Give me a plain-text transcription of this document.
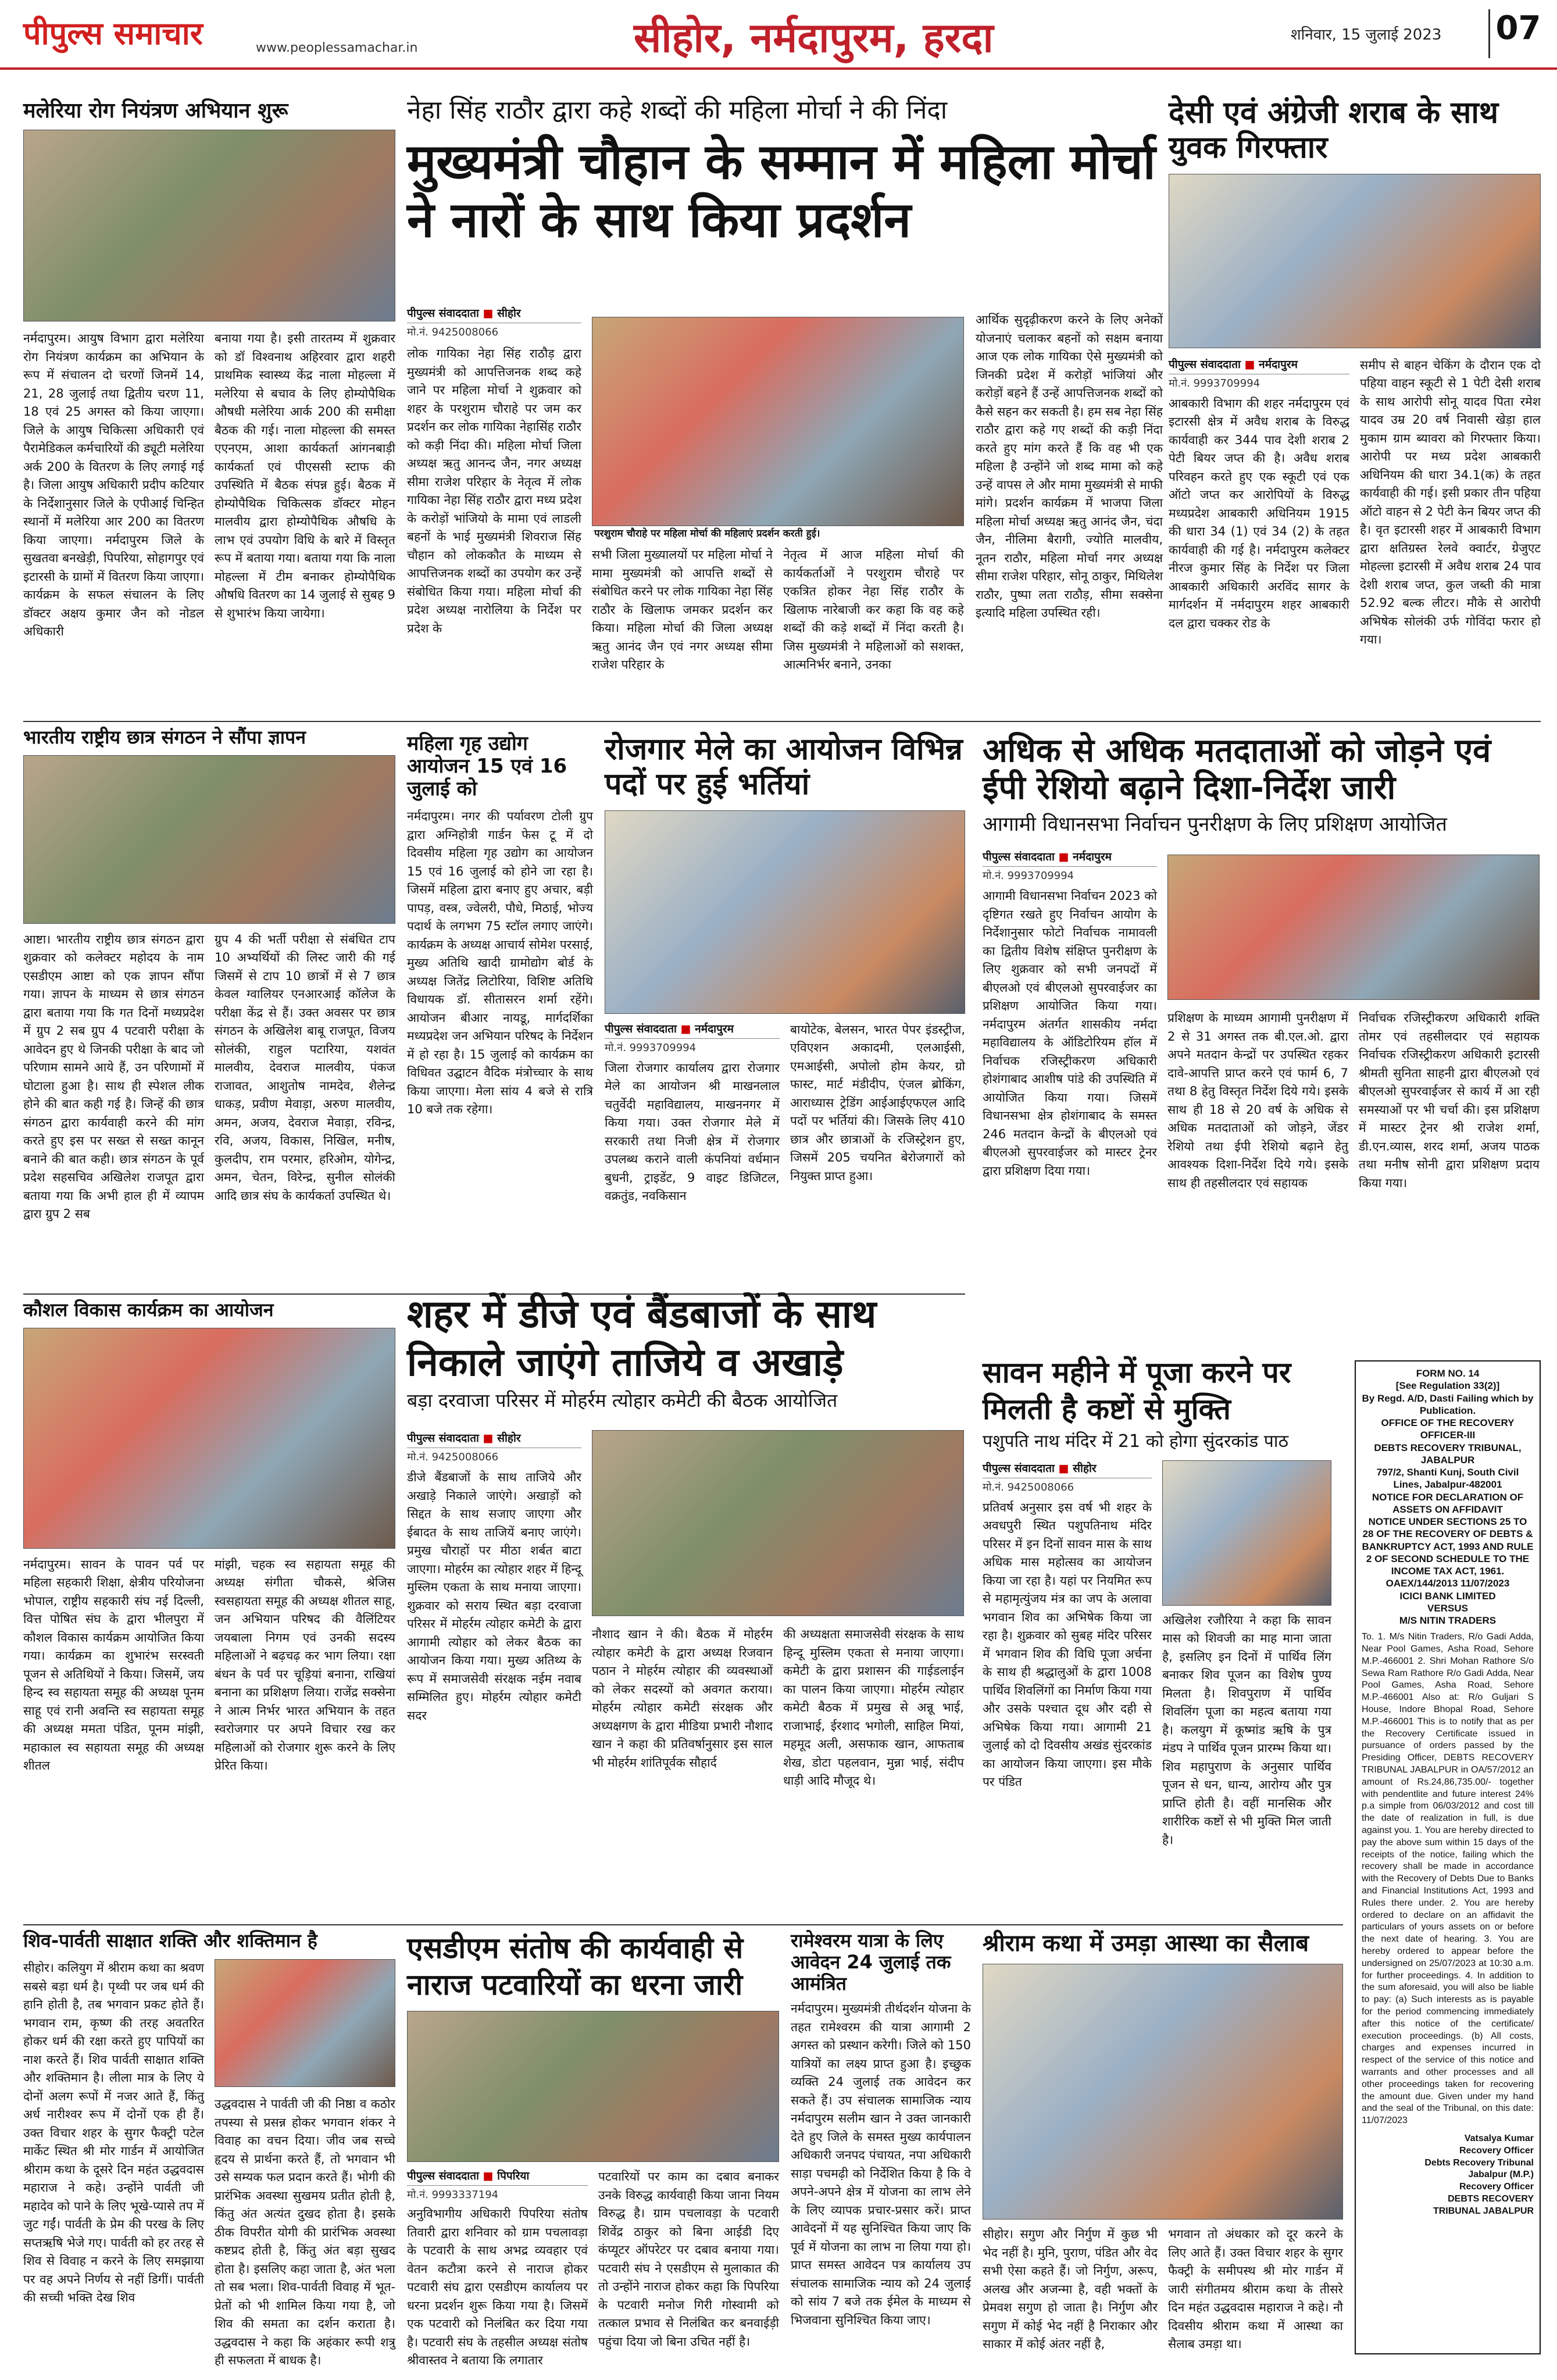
पीपुल्स समाचार	www.peoplessamachar.in	सीहोर, नर्मदापुरम, हरदा	शनिवार, 15 जुलाई 2023 07
मलेरिया रोग नियंत्रण अभियान शुरू
नर्मदापुरम। आयुष विभाग द्वारा मलेरिया रोग नियंत्रण कार्यक्रम का अभियान के रूप में संचालन दो चरणों जिनमें 14, 21, 28 जुलाई तथा द्वितीय चरण 11, 18 एवं 25 अगस्त को किया जाएगा। जिले के आयुष चिकित्सा अधिकारी एवं पैरामेडिकल कर्मचारियों की ड्यूटी मलेरिया अर्क 200 के वितरण के लिए लगाई गई है। जिला आयुष अधिकारी प्रदीप कटियार के निर्देशानुसार जिले के एपीआई चिन्हित स्थानों में मलेरिया आर 200 का वितरण किया जाएगा। नर्मदापुरम जिले के सुखतवा बनखेड़ी, पिपरिया, सोहागपुर एवं इटारसी के ग्रामों में वितरण किया जाएगा। कार्यक्रम के सफल संचालन के लिए डॉक्टर अक्षय कुमार जैन को नोडल अधिकारी
बनाया गया है। इसी तारतम्य में शुक्रवार को डॉ विश्वनाथ अहिरवार द्वारा शहरी प्राथमिक स्वास्थ्य केंद्र नाला मोहल्ला में मलेरिया से बचाव के लिए होम्योपैथिक औषधी मलेरिया आर्क 200 की समीक्षा बैठक की गई। नाला मोहल्ला की समस्त एएनएम, आशा कार्यकर्ता आंगनबाड़ी कार्यकर्ता एवं पीएससी स्टाफ की उपस्थिति में बैठक संपन्न हुई। बैठक में होम्योपैथिक चिकित्सक डॉक्टर मोहन मालवीय द्वारा होम्योपैथिक औषधि के लाभ एवं उपयोग विधि के बारे में विस्तृत रूप में बताया गया। बताया गया कि नाला मोहल्ला में टीम बनाकर होम्योपैथिक औषधि वितरण का 14 जुलाई से सुबह 9 से शुभारंभ किया जायेगा।
नेहा सिंह राठौर द्वारा कहे शब्दों की महिला मोर्चा ने की निंदा
मुख्यमंत्री चौहान के सम्मान में महिला मोर्चा ने नारों के साथ किया प्रदर्शन
पीपुल्स संवाददाता ■ सीहोर
मो.नं. 9425008066
लोक गायिका नेहा सिंह राठौड़ द्वारा मुख्यमंत्री को आपत्तिजनक शब्द कहे जाने पर महिला मोर्चा ने शुक्रवार को शहर के परशुराम चौराहे पर जम कर प्रदर्शन कर लोक गायिका नेहासिंह राठौर को कड़ी निंदा की। महिला मोर्चा जिला अध्यक्ष ऋतु आनन्द जैन, नगर अध्यक्ष सीमा राजेश परिहार के नेतृत्व में लोक गायिका नेहा सिंह राठौर द्वारा मध्य प्रदेश के करोड़ों भांजियो के मामा एवं लाडली बहनों के भाई मुख्यमंत्री शिवराज सिंह चौहान को लोककौत के माध्यम से आपत्तिजनक शब्दों का उपयोग कर उन्हें संबोधित किया गया। महिला मोर्चा की प्रदेश अध्यक्ष नारोलिया के निर्देश पर प्रदेश के
परशुराम चौराहे पर महिला मोर्चा की महिलाएं प्रदर्शन करती हुई।
सभी जिला मुख्यालयों पर महिला मोर्चा ने मामा मुख्यमंत्री को आपत्ति शब्दों से संबोधित करने पर लोक गायिका नेहा सिंह राठौर के खिलाफ जमकर प्रदर्शन कर किया। महिला मोर्चा की जिला अध्यक्ष ऋतु आनंद जैन एवं नगर अध्यक्ष सीमा राजेश परिहार के
नेतृत्व में आज महिला मोर्चा की कार्यकर्ताओं ने परशुराम चौराहे पर एकत्रित होकर नेहा सिंह राठौर के खिलाफ नारेबाजी कर कहा कि वह कहे शब्दों की कड़े शब्दों में निंदा करती है। जिस मुख्यमंत्री ने महिलाओं को सशक्त, आत्मनिर्भर बनाने, उनका
आर्थिक सुदृढ़ीकरण करने के लिए अनेकों योजनाएं चलाकर बहनों को सक्षम बनाया आज एक लोक गायिका ऐसे मुख्यमंत्री को जिनकी प्रदेश में करोड़ों भांजियां और करोड़ों बहने हैं उन्हें आपत्तिजनक शब्दों को कैसे सहन कर सकती है। हम सब नेहा सिंह राठौर द्वारा कहे गए शब्दों की कड़ी निंदा करते हुए मांग करते हैं कि वह भी एक महिला है उन्होंने जो शब्द मामा को कहे उन्हें वापस ले और मामा मुख्यमंत्री से माफी मांगे। प्रदर्शन कार्यक्रम में भाजपा जिला महिला मोर्चा अध्यक्ष ऋतु आनंद जैन, चंदा जैन, नीलिमा बैरागी, ज्योति मालवीय, नूतन राठौर, महिला मोर्चा नगर अध्यक्ष सीमा राजेश परिहार, सोनू ठाकुर, मिथिलेश राठौर, पुष्पा लता राठौड़, सीमा सक्सेना इत्यादि महिला उपस्थित रही।
देसी एवं अंग्रेजी शराब के साथ युवक गिरफ्तार
पीपुल्स संवाददाता ■ नर्मदापुरम
मो.नं. 9993709994
आबकारी विभाग की शहर नर्मदापुरम एवं इटारसी क्षेत्र में अवैध शराब के विरुद्ध कार्यवाही कर 344 पाव देशी शराब 2 पेटी बियर जप्त की है। अवैध शराब परिवहन करते हुए एक स्कूटी एवं एक ऑटो जप्त कर आरोपियों के विरुद्ध मध्यप्रदेश आबकारी अधिनियम 1915 की धारा 34 (1) एवं 34 (2) के तहत कार्यवाही की गई है। नर्मदापुरम कलेक्टर नीरज कुमार सिंह के निर्देश पर जिला आबकारी अधिकारी अरविंद सागर के मार्गदर्शन में नर्मदापुरम शहर आबकारी दल द्वारा चक्कर रोड के
समीप से बाहन चेकिंग के दौरान एक दो पहिया वाहन स्कूटी से 1 पेटी देसी शराब के साथ आरोपी सोनू यादव पिता रमेश यादव उम्र 20 वर्ष निवासी खेड़ा हाल मुकाम ग्राम ब्यावरा को गिरफ्तार किया। आरोपी पर मध्य प्रदेश आबकारी अधिनियम की धारा 34.1(क) के तहत कार्यवाही की गई। इसी प्रकार तीन पहिया ऑटो वाहन से 2 पेटी केन बियर जप्त की है। वृत इटारसी शहर में आबकारी विभाग द्वारा क्षतिग्रस्त रेलवे क्वार्टर, ग्रेजुएट मोहल्ला इटारसी में अवैध शराब 24 पाव देशी शराब जप्त, कुल जब्ती की मात्रा 52.92 बल्क लीटर। मौके से आरोपी अभिषेक सोलंकी उर्फ गोविंदा फरार हो गया।
भारतीय राष्ट्रीय छात्र संगठन ने सौंपा ज्ञापन
आष्टा। भारतीय राष्ट्रीय छात्र संगठन द्वारा शुक्रवार को कलेक्टर महोदय के नाम एसडीएम आष्टा को एक ज्ञापन सौंपा गया। ज्ञापन के माध्यम से छात्र संगठन द्वारा बताया गया कि गत दिनों मध्यप्रदेश में ग्रुप 2 सब ग्रुप 4 पटवारी परीक्षा के आवेदन हुए थे जिनकी परीक्षा के बाद जो परिणाम सामने आये हैं, उन परिणामों में घोटाला हुआ है। साथ ही स्पेशल लीक होने की बात कही गई है। जिन्हें की छात्र संगठन द्वारा कार्यवाही करने की मांग करते हुए इस पर सख्त से सख्त कानून बनाने की बात कही। छात्र संगठन के पूर्व प्रदेश सहसचिव अखिलेश राजपूत द्वारा बताया गया कि अभी हाल ही में व्यापम द्वारा ग्रुप 2 सब
ग्रुप 4 की भर्ती परीक्षा से संबंधित टाप 10 अभ्यर्थियों की लिस्ट जारी की गई जिसमें से टाप 10 छात्रों में से 7 छात्र केवल ग्वालियर एनआरआई कॉलेज के परीक्षा केंद्र से हैं। उक्त अवसर पर छात्र संगठन के अखिलेश बाबू राजपूत, विजय सोलंकी, राहुल पटारिया, यशवंत मालवीय, देवराज मालवीय, पंकज राजावत, आशुतोष नामदेव, शैलेन्द्र धाकड़, प्रवीण मेवाड़ा, अरुण मालवीय, अमन, अजय, देवराज मेवाड़ा, रविन्द्र, रवि, अजय, विकास, निखिल, मनीष, कुलदीप, राम परमार, हरिओम, योगेन्द्र, अमन, चेतन, विरेन्द्र, सुनील सोलंकी आदि छात्र संघ के कार्यकर्ता उपस्थित थे।
महिला गृह उद्योग आयोजन 15 एवं 16 जुलाई को
नर्मदापुरम। नगर की पर्यावरण टोली ग्रुप द्वारा अग्निहोत्री गार्डन फेस टू में दो दिवसीय महिला गृह उद्योग का आयोजन 15 एवं 16 जुलाई को होने जा रहा है। जिसमें महिला द्वारा बनाए हुए अचार, बड़ी पापड़, वस्त्र, ज्वेलरी, पौधे, मिठाई, भोज्य पदार्थ के लगभग 75 स्टॉल लगाए जाएंगे। कार्यक्रम के अध्यक्ष आचार्य सोमेश परसाई, मुख्य अतिथि खादी ग्रामोद्योग बोर्ड के अध्यक्ष जितेंद्र लिटोरिया, विशिष्ट अतिथि विधायक डॉ. सीतासरन शर्मा रहेंगे। आयोजन बीआर नायडू, मार्गदर्शिका मध्यप्रदेश जन अभियान परिषद के निर्देशन में हो रहा है। 15 जुलाई को कार्यक्रम का विधिवत उद्घाटन वैदिक मंत्रोच्चार के साथ किया जाएगा। मेला सांय 4 बजे से रात्रि 10 बजे तक रहेगा।
रोजगार मेले का आयोजन विभिन्न पदों पर हुई भर्तियां
पीपुल्स संवाददाता ■ नर्मदापुरम
मो.नं. 9993709994
जिला रोजगार कार्यालय द्वारा रोजगार मेले का आयोजन श्री माखनलाल चतुर्वेदी महाविद्यालय, माखननगर में किया गया। उक्त रोजगार मेले में सरकारी तथा निजी क्षेत्र में रोजगार उपलब्ध कराने वाली कंपनियां वर्धमान बुधनी, ट्राइडेंट, 9 वाइट डिजिटल, वक्रतुंड, नवकिसान
बायोटेक, बेलसन, भारत पेपर इंडस्ट्रीज, एविएशन अकादमी, एलआईसी, एमआईसी, अपोलो होम केयर, ग्रो फास्ट, मार्ट मंडीदीप, एंजल ब्रोकिंग, आराध्यास ट्रेडिंग आईआईएफएल आदि पदों पर भर्तियां की। जिसके लिए 410 छात्र और छात्राओं के रजिस्ट्रेशन हुए, जिसमें 205 चयनित बेरोजगारों को नियुक्त प्राप्त हुआ।
अधिक से अधिक मतदाताओं को जोड़ने एवं ईपी रेशियो बढ़ाने दिशा-निर्देश जारी
आगामी विधानसभा निर्वाचन पुनरीक्षण के लिए प्रशिक्षण आयोजित
पीपुल्स संवाददाता ■ नर्मदापुरम
मो.नं. 9993709994
आगामी विधानसभा निर्वाचन 2023 को दृष्टिगत रखते हुए निर्वाचन आयोग के निर्देशानुसार फोटो निर्वाचक नामावली का द्वितीय विशेष संक्षिप्त पुनरीक्षण के लिए शुक्रवार को सभी जनपदों में बीएलओ एवं बीएलओ सुपरवाईजर का प्रशिक्षण आयोजित किया गया। नर्मदापुरम अंतर्गत शासकीय नर्मदा महाविद्यालय के ऑडिटोरियम हॉल में निर्वाचक रजिस्ट्रीकरण अधिकारी होशंगाबाद आशीष पांडे की उपस्थिति में आयोजित किया गया। जिसमें विधानसभा क्षेत्र होशंगाबाद के समस्त 246 मतदान केन्द्रों के बीएलओ एवं बीएलओ सुपरवाईजर को मास्टर ट्रेनर द्वारा प्रशिक्षण दिया गया।
प्रशिक्षण के माध्यम आगामी पुनरीक्षण में 2 से 31 अगस्त तक बी.एल.ओ. द्वारा अपने मतदान केन्द्रों पर उपस्थित रहकर दावे-आपत्ति प्राप्त करने एवं फार्म 6, 7 तथा 8 हेतु विस्तृत निर्देश दिये गये। इसके साथ ही 18 से 20 वर्ष के अधिक से अधिक मतदाताओं को जोड़ने, जेंडर रेशियो तथा ईपी रेशियो बढ़ाने हेतु आवश्यक दिशा-निर्देश दिये गये। इसके साथ ही तहसीलदार एवं सहायक
निर्वाचक रजिस्ट्रीकरण अधिकारी शक्ति तोमर एवं तहसीलदार एवं सहायक निर्वाचक रजिस्ट्रीकरण अधिकारी इटारसी श्रीमती सुनिता साहनी द्वारा बीएलओ एवं बीएलओ सुपरवाईजर से कार्य में आ रही समस्याओं पर भी चर्चा की। इस प्रशिक्षण में मास्टर ट्रेनर श्री राजेश शर्मा, डी.एन.व्यास, शरद शर्मा, अजय पाठक तथा मनीष सोनी द्वारा प्रशिक्षण प्रदाय किया गया।
कौशल विकास कार्यक्रम का आयोजन
नर्मदापुरम। सावन के पावन पर्व पर महिला सहकारी शिक्षा, क्षेत्रीय परियोजना भोपाल, राष्ट्रीय सहकारी संघ नई दिल्ली, वित्त पोषित संघ के द्वारा भीलपुरा में कौशल विकास कार्यक्रम आयोजित किया गया। कार्यक्रम का शुभारंभ सरस्वती पूजन से अतिथियों ने किया। जिसमें, जय हिन्द स्व सहायता समूह की अध्यक्ष पूनम साहू एवं रानी अवन्ति स्व सहायता समूह की अध्यक्ष ममता पंडित, पूनम मांझी, महाकाल स्व सहायता समूह की अध्यक्ष शीतल
मांझी, चहक स्व सहायता समूह की अध्यक्ष संगीता चौकसे, श्रेजिस स्वसहायता समूह की अध्यक्ष शीतल साहू, जन अभियान परिषद की वैलिंटियर जयबाला निगम एवं उनकी सदस्य महिलाओं ने बढ़चढ़ कर भाग लिया। रक्षा बंधन के पर्व पर चूड़ियां बनाना, राखियां बनाना का प्रशिक्षण लिया। राजेंद्र सक्सेना ने आत्म निर्भर भारत अभियान के तहत स्वरोजगार पर अपने विचार रख कर महिलाओं को रोजगार शुरू करने के लिए प्रेरित किया।
शहर में डीजे एवं बैंडबाजों के साथ निकाले जाएंगे ताजिये व अखाड़े
बड़ा दरवाजा परिसर में मोहर्रम त्योहार कमेटी की बैठक आयोजित
पीपुल्स संवाददाता ■ सीहोर
मो.नं. 9425008066
डीजे बैंडबाजों के साथ ताजिये और अखाड़े निकाले जाएंगे। अखाड़ों को सिद्दत के साथ सजाए जाएगा और ईबादत के साथ ताजियें बनाए जाएंगे। प्रमुख चौराहों पर मीठा शर्बत बाटा जाएगा। मोहर्रम का त्योहार शहर में हिन्दू मुस्लिम एकता के साथ मनाया जाएगा। शुक्रवार को सराय स्थित बड़ा दरवाजा परिसर में मोहर्रम त्योहार कमेटी के द्वारा आगामी त्योहार को लेकर बैठक का आयोजन किया गया। मुख्य अतिथ्य के रूप में समाजसेवी संरक्षक नईम नवाब सम्मिलित हुए। मोहर्रम त्योहार कमेटी सदर
नौशाद खान ने की। बैठक में मोहर्रम त्योहार कमेटी के द्वारा अध्यक्ष रिजवान पठान ने मोहर्रम त्योहार की व्यवस्थाओं को लेकर सदस्यों को अवगत कराया। मोहर्रम त्योहार कमेटी संरक्षक और अध्यक्षगण के द्वारा मीडिया प्रभारी नौशाद खान ने कहा की प्रतिवर्षानुसार इस साल भी मोहर्रम शांतिपूर्वक सौहार्द
की अध्यक्षता समाजसेवी संरक्षक के साथ हिन्दू मुस्लिम एकता से मनाया जाएगा। कमेटी के द्वारा प्रशासन की गाईडलाईन का पालन किया जाएगा। मोहर्रम त्योहार कमेटी बैठक में प्रमुख से अन्नू भाई, राजाभाई, ईरशाद भगोली, साहिल मियां, महमूद अली, असफाक खान, आफताब शेख, डोटा पहलवान, मुन्ना भाई, संदीप धाड़ी आदि मौजूद थे।
सावन महीने में पूजा करने पर मिलती है कष्टों से मुक्ति
पशुपति नाथ मंदिर में 21 को होगा सुंदरकांड पाठ
पीपुल्स संवाददाता ■ सीहोर
मो.नं. 9425008066
प्रतिवर्ष अनुसार इस वर्ष भी शहर के अवधपुरी स्थित पशुपतिनाथ मंदिर परिसर में इन दिनों सावन मास के साथ अधिक मास महोत्सव का आयोजन किया जा रहा है। यहां पर नियमित रूप से महामृत्युंजय मंत्र का जप के अलावा भगवान शिव का अभिषेक किया जा रहा है। शुक्रवार को सुबह मंदिर परिसर में भगवान शिव की विधि पूजा अर्चना के साथ ही श्रद्धालुओं के द्वारा 1008 पार्थिव शिवलिंगों का निर्माण किया गया और उसके पश्चात दूध और दही से अभिषेक किया गया। आगामी 21 जुलाई को दो दिवसीय अखंड सुंदरकांड का आयोजन किया जाएगा। इस मौके पर पंडित
अखिलेश रजौरिया ने कहा कि सावन मास को शिवजी का माह माना जाता है, इसलिए इन दिनों में पार्थिव लिंग बनाकर शिव पूजन का विशेष पुण्य मिलता है। शिवपुराण में पार्थिव शिवलिंग पूजा का महत्व बताया गया है। कलयुग में कूष्मांड ऋषि के पुत्र मंडप ने पार्थिव पूजन प्रारम्भ किया था। शिव महापुराण के अनुसार पार्थिव पूजन से धन, धान्य, आरोग्य और पुत्र प्राप्ति होती है। वहीं मानसिक और शारीरिक कष्टों से भी मुक्ति मिल जाती है।
FORM NO. 14
[See Regulation 33(2)]
By Regd. A/D, Dasti Failing which by Publication.
OFFICE OF THE RECOVERY OFFICER-III
DEBTS RECOVERY TRIBUNAL, JABALPUR
797/2, Shanti Kunj, South Civil Lines, Jabalpur-482001
NOTICE FOR DECLARATION OF ASSETS ON AFFIDAVIT
NOTICE UNDER SECTIONS 25 TO 28 OF THE RECOVERY OF DEBTS & BANKRUPTCY ACT, 1993 AND RULE 2 OF SECOND SCHEDULE TO THE INCOME TAX ACT, 1961.
OAEX/144/2013 11/07/2023
ICICI BANK LIMITED
VERSUS
M/S NITIN TRADERS
To. 1. M/s Nitin Traders, R/o Gadi Adda, Near Pool Games, Asha Road, Sehore M.P.-466001 2. Shri Mohan Rathore S/o Sewa Ram Rathore R/o Gadi Adda, Near Pool Games, Asha Road, Sehore M.P.-466001 Also at: R/o Guljari S House, Indore Bhopal Road, Sehore M.P.-466001 This is to notify that as per the Recovery Certificate issued in pursuance of orders passed by the Presiding Officer, DEBTS RECOVERY TRIBUNAL JABALPUR in OA/57/2012 an amount of Rs.24,86,735.00/- together with pendentlite and future interest 24% p.a simple from 06/03/2012 and cost till the date of realization in full, is due against you. 1. You are hereby directed to pay the above sum within 15 days of the receipts of the notice, failing which the recovery shall be made in accordance with the Recovery of Debts Due to Banks and Financial Institutions Act, 1993 and Rules there under. 2. You are hereby ordered to declare on an affidavit the particulars of yours assets on or before the next date of hearing. 3. You are hereby ordered to appear before the undersigned on 25/07/2023 at 10:30 a.m. for further proceedings. 4. In addition to the sum aforesaid, you will also be liable to pay: (a) Such interests as is payable for the period commencing immediately after this notice of the certificate/ execution proceedings. (b) All costs, charges and expenses incurred in respect of the service of this notice and warrants and other processes and all other proceedings taken for recovering the amount due. Given under my hand and the seal of the Tribunal, on this date: 11/07/2023
Vatsalya Kumar
Recovery Officer
Debts Recovery Tribunal
Jabalpur (M.P.)
Recovery Officer
DEBTS RECOVERY
TRIBUNAL JABALPUR
शिव-पार्वती साक्षात शक्ति और शक्तिमान है
सीहोर। कलियुग में श्रीराम कथा का श्रवण सबसे बड़ा धर्म है। पृथ्वी पर जब धर्म की हानि होती है, तब भगवान प्रकट होते हैं। भगवान राम, कृष्ण की तरह अवतरित होकर धर्म की रक्षा करते हुए पापियों का नाश करते हैं। शिव पार्वती साक्षात शक्ति और शक्तिमान है। लीला मात्र के लिए ये दोनों अलग रूपों में नजर आते हैं, किंतु अर्ध नारीश्वर रूप में दोनों एक ही हैं। उक्त विचार शहर के सुगर फैक्ट्री पटेल मार्केट स्थित श्री मोर गार्डन में आयोजित श्रीराम कथा के दूसरे दिन महंत उद्धवदास महाराज ने कहे। उन्होंने पार्वती जी महादेव को पाने के लिए भूखे-प्यासे तप में जुट गईं। पार्वती के प्रेम की परख के लिए सप्तऋषि भेजे गए। पार्वती को हर तरह से शिव से विवाह न करने के लिए समझाया पर वह अपने निर्णय से नहीं डिगीं। पार्वती की सच्ची भक्ति देख शिव
उद्धवदास ने पार्वती जी की निष्ठा व कठोर तपस्या से प्रसन्न होकर भगवान शंकर ने विवाह का वचन दिया। जीव जब सच्चे हृदय से प्रार्थना करते हैं, तो भगवान भी उसे सम्यक फल प्रदान करते हैं। भोगी की प्रारंभिक अवस्था सुखमय प्रतीत होती है, किंतु अंत अत्यंत दुखद होता है। इसके ठीक विपरीत योगी की प्रारंभिक अवस्था कष्टप्रद होती है, किंतु अंत बड़ा सुखद होता है। इसलिए कहा जाता है, अंत भला तो सब भला। शिव-पार्वती विवाह में भूत-प्रेतों को भी शामिल किया गया है, जो शिव की समता का दर्शन कराता है। उद्धवदास ने कहा कि अहंकार रूपी शत्रु ही सफलता में बाधक है।
एसडीएम संतोष की कार्यवाही से नाराज पटवारियों का धरना जारी
पीपुल्स संवाददाता ■ पिपरिया
मो.नं. 9993337194
अनुविभागीय अधिकारी पिपरिया संतोष तिवारी द्वारा शनिवार को ग्राम पचलावड़ा के पटवारी के साथ अभद्र व्यवहार एवं वेतन कटौत्रा करने से नाराज होकर पटवारी संघ द्वारा एसडीएम कार्यालय पर धरना प्रदर्शन शुरू किया गया है। जिसमें एक पटवारी को निलंबित कर दिया गया है। पटवारी संघ के तहसील अध्यक्ष संतोष श्रीवास्तव ने बताया कि लगातार
पटवारियों पर काम का दबाव बनाकर उनके विरुद्ध कार्यवाही किया जाना नियम विरुद्ध है। ग्राम पचलावड़ा के पटवारी शिवेंद्र ठाकुर को बिना आईडी दिए कंप्यूटर ऑपरेटर पर दबाव बनाया गया। पटवारी संघ ने एसडीएम से मुलाकात की तो उन्होंने नाराज होकर कहा कि पिपरिया के पटवारी मनोज गिरी गोस्वामी को तत्काल प्रभाव से निलंबित कर बनवाईड़ी पहुंचा दिया जो बिना उचित नहीं है।
रामेश्वरम यात्रा के लिए आवेदन 24 जुलाई तक आमंत्रित
नर्मदापुरम। मुख्यमंत्री तीर्थदर्शन योजना के तहत रामेश्वरम की यात्रा आगामी 2 अगस्त को प्रस्थान करेगी। जिले को 150 यात्रियों का लक्ष्य प्राप्त हुआ है। इच्छुक व्यक्ति 24 जुलाई तक आवेदन कर सकते हैं। उप संचालक सामाजिक न्याय नर्मदापुरम सलीम खान ने उक्त जानकारी देते हुए जिले के समस्त मुख्य कार्यपालन अधिकारी जनपद पंचायत, नपा अधिकारी साड़ा पचमढ़ी को निर्देशित किया है कि वे अपने-अपने क्षेत्र में योजना का लाभ लेने के लिए व्यापक प्रचार-प्रसार करें। प्राप्त आवेदनों में यह सुनिश्चित किया जाए कि पूर्व में योजना का लाभ ना लिया गया हो। प्राप्त समस्त आवेदन पत्र कार्यालय उप संचालक सामाजिक न्याय को 24 जुलाई को सांय 7 बजे तक ईमेल के माध्यम से भिजवाना सुनिश्चित किया जाए।
श्रीराम कथा में उमड़ा आस्था का सैलाब
सीहोर। सगुण और निर्गुण में कुछ भी भेद नहीं है। मुनि, पुराण, पंडित और वेद सभी ऐसा कहते हैं। जो निर्गुण, अरूप, अलख और अजन्मा है, वही भक्तों के प्रेमवश सगुण हो जाता है। निर्गुण और सगुण में कोई भेद नहीं है निराकार और साकार में कोई अंतर नहीं है,
भगवान तो अंधकार को दूर करने के लिए आते हैं। उक्त विचार शहर के सुगर फैक्ट्री के समीपस्थ श्री मोर गार्डन में जारी संगीतमय श्रीराम कथा के तीसरे दिन महंत उद्धवदास महाराज ने कहे। नौ दिवसीय श्रीराम कथा में आस्था का सैलाब उमड़ा था।
